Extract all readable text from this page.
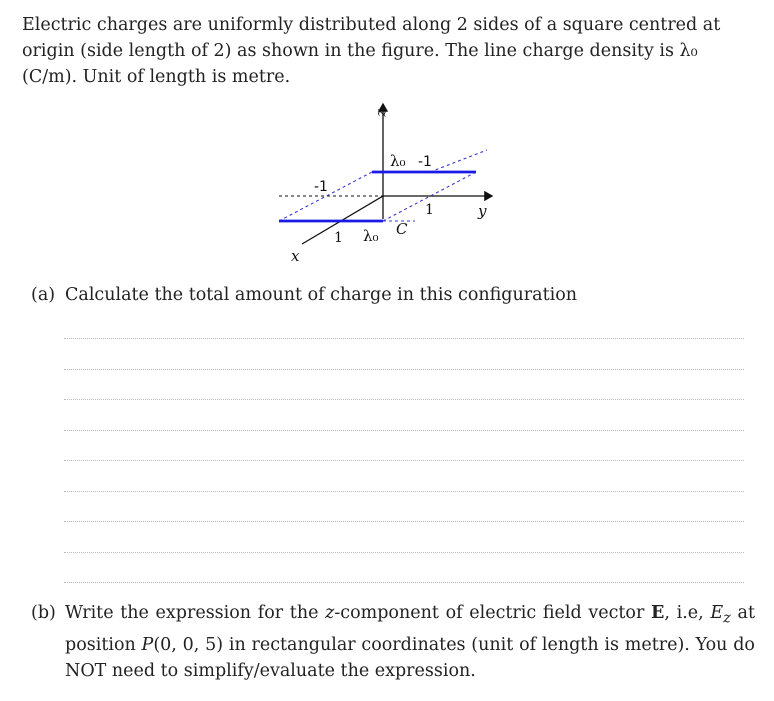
Electric charges are uniformly distributed along 2 sides of a square centred at origin (side length of 2) as shown in the figure. The line charge density is λ₀ (C/m). Unit of length is metre.

z
x
y
λ₀ -1
-1
1
1 λ₀ C

(a) Calculate the total amount of charge in this configuration

(b) Write the expression for the z-component of electric field vector E, i.e, $E_z$ at position P(0, 0, 5) in rectangular coordinates (unit of length is metre). You do NOT need to simplify/evaluate the expression.
